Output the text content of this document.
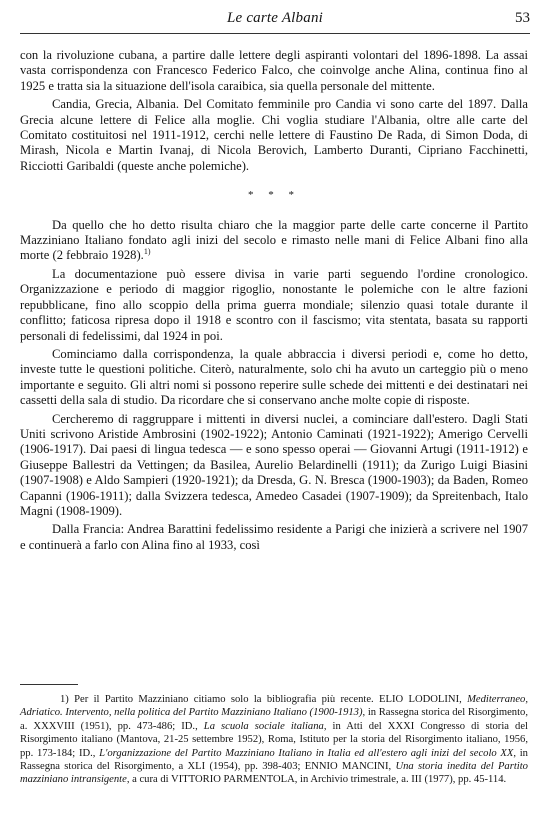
Le carte Albani	53

con la rivoluzione cubana, a partire dalle lettere degli aspiranti volontari del 1896-1898. La assai vasta corrispondenza con Francesco Federico Falco, che coinvolge anche Alina, continua fino al 1925 e tratta sia la situazione dell'isola caraibica, sia quella personale del mittente.

Candia, Grecia, Albania. Del Comitato femminile pro Candia vi sono carte del 1897. Dalla Grecia alcune lettere di Felice alla moglie. Chi voglia studiare l'Albania, oltre alle carte del Comitato costituitosi nel 1911-1912, cerchi nelle lettere di Faustino De Rada, di Simon Doda, di Mirash, Nicola e Martin Ivanaj, di Nicola Berovich, Lamberto Duranti, Cipriano Facchinetti, Ricciotti Garibaldi (queste anche polemiche).

* * *

Da quello che ho detto risulta chiaro che la maggior parte delle carte concerne il Partito Mazziniano Italiano fondato agli inizi del secolo e rimasto nelle mani di Felice Albani fino alla morte (2 febbraio 1928).$^{1)}$

La documentazione può essere divisa in varie parti seguendo l'ordine cronologico. Organizzazione e periodo di maggior rigoglio, nonostante le polemiche con le altre fazioni repubblicane, fino allo scoppio della prima guerra mondiale; silenzio quasi totale durante il conflitto; faticosa ripresa dopo il 1918 e scontro con il fascismo; vita stentata, basata su rapporti personali di fedelissimi, dal 1924 in poi.

Cominciamo dalla corrispondenza, la quale abbraccia i diversi periodi e, come ho detto, investe tutte le questioni politiche. Citerò, naturalmente, solo chi ha avuto un carteggio più o meno importante e seguito. Gli altri nomi si possono reperire sulle schede dei mittenti e dei destinatari nei cassetti della sala di studio. Da ricordare che si conservano anche molte copie di risposte.

Cercheremo di raggruppare i mittenti in diversi nuclei, a cominciare dall'estero. Dagli Stati Uniti scrivono Aristide Ambrosini (1902-1922); Antonio Caminati (1921-1922); Amerigo Cervelli (1906-1917). Dai paesi di lingua tedesca — e sono spesso operai — Giovanni Artugi (1911-1912) e Giuseppe Ballestri da Vettingen; da Basilea, Aurelio Belardinelli (1911); da Zurigo Luigi Biasini (1907-1908) e Aldo Sampieri (1920-1921); da Dresda, G. N. Bresca (1900-1903); da Baden, Romeo Capanni (1906-1911); dalla Svizzera tedesca, Amedeo Casadei (1907-1909); da Spreitenbach, Italo Magni (1908-1909).

Dalla Francia: Andrea Barattini fedelissimo residente a Parigi che inizierà a scrivere nel 1907 e continuerà a farlo con Alina fino al 1933, così

1) Per il Partito Mazziniano citiamo solo la bibliografia più recente. ELIO LODOLINI, Mediterraneo, Adriatico. Intervento, nella politica del Partito Mazziniano Italiano (1900-1913), in Rassegna storica del Risorgimento, a. XXXVIII (1951), pp. 473-486; ID., La scuola sociale italiana, in Atti del XXXI Congresso di storia del Risorgimento italiano (Mantova, 21-25 settembre 1952), Roma, Istituto per la storia del Risorgimento italiano, 1956, pp. 173-184; ID., L'organizzazione del Partito Mazziniano Italiano in Italia ed all'estero agli inizi del secolo XX, in Rassegna storica del Risorgimento, a XLI (1954), pp. 398-403; ENNIO MANCINI, Una storia inedita del Partito mazziniano intransigente, a cura di VITTORIO PARMENTOLA, in Archivio trimestrale, a. III (1977), pp. 45-114.
